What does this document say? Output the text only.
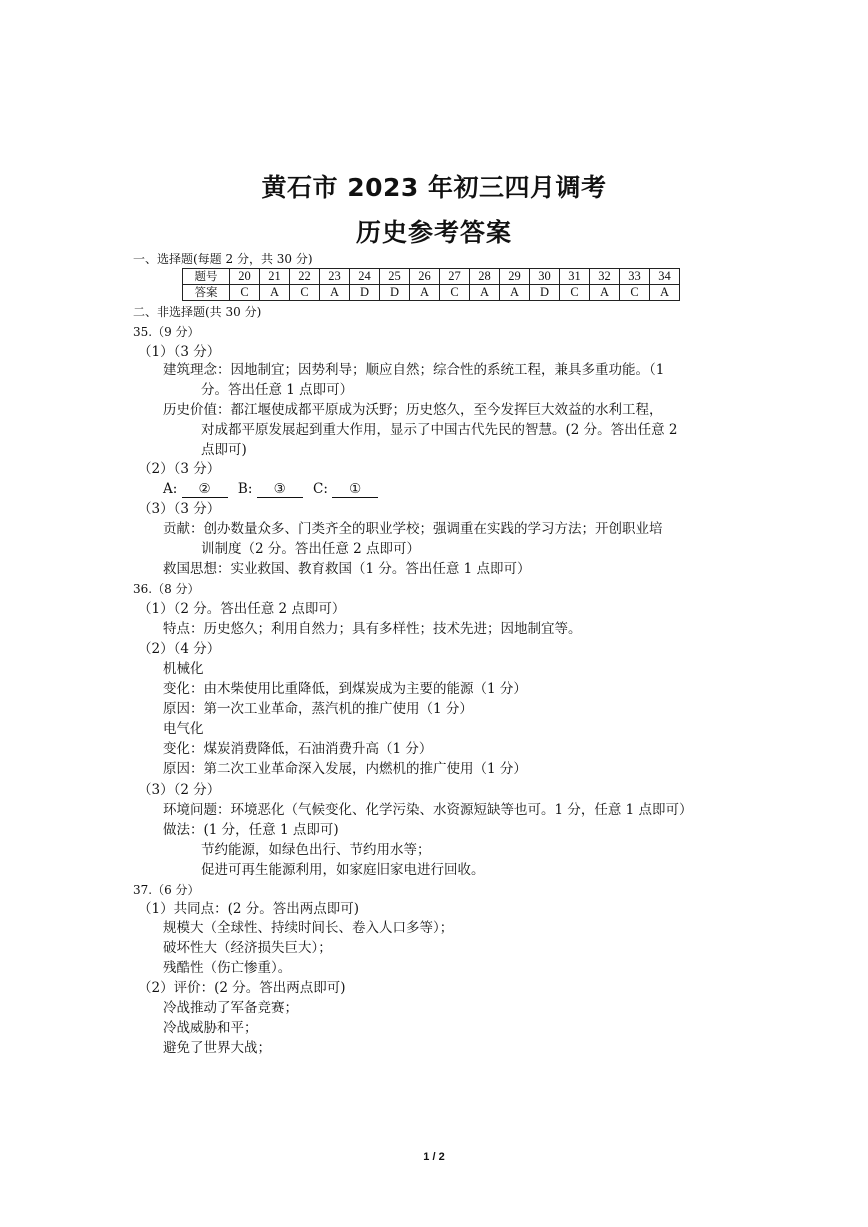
黄石市 2023 年初三四月调考
历史参考答案
一、选择题(每题 2 分，共 30 分)
题号	20	21	22	23	24	25	26	27	28	29	30	31	32	33	34
答案	C	A	C	A	D	D	A	C	A	A	D	C	A	C	A
二、非选择题(共 30 分)
35.（9 分）
（1）（3 分）
建筑理念：因地制宜；因势利导；顺应自然；综合性的系统工程，兼具多重功能。（1
分。答出任意 1 点即可）
历史价值：都江堰使成都平原成为沃野；历史悠久，至今发挥巨大效益的水利工程，
对成都平原发展起到重大作用，显示了中国古代先民的智慧。(2 分。答出任意 2
点即可)
（2）（3 分）
A: ② B: ③ C: ①
（3）（3 分）
贡献：创办数量众多、门类齐全的职业学校；强调重在实践的学习方法；开创职业培
训制度（2 分。答出任意 2 点即可）
救国思想：实业救国、教育救国（1 分。答出任意 1 点即可）
36.（8 分）
（1）（2 分。答出任意 2 点即可）
特点：历史悠久；利用自然力；具有多样性；技术先进；因地制宜等。
（2）（4 分）
机械化
变化：由木柴使用比重降低，到煤炭成为主要的能源（1 分）
原因：第一次工业革命，蒸汽机的推广使用（1 分）
电气化
变化：煤炭消费降低，石油消费升高（1 分）
原因：第二次工业革命深入发展，内燃机的推广使用（1 分）
（3）（2 分）
环境问题：环境恶化（气候变化、化学污染、水资源短缺等也可。1 分，任意 1 点即可）
做法：(1 分，任意 1 点即可)
节约能源，如绿色出行、节约用水等；
促进可再生能源利用，如家庭旧家电进行回收。
37.（6 分）
（1）共同点：(2 分。答出两点即可)
规模大（全球性、持续时间长、卷入人口多等）；
破坏性大（经济损失巨大）；
残酷性（伤亡惨重）。
（2）评价：(2 分。答出两点即可)
冷战推动了军备竞赛；
冷战威胁和平；
避免了世界大战；
1 / 2
